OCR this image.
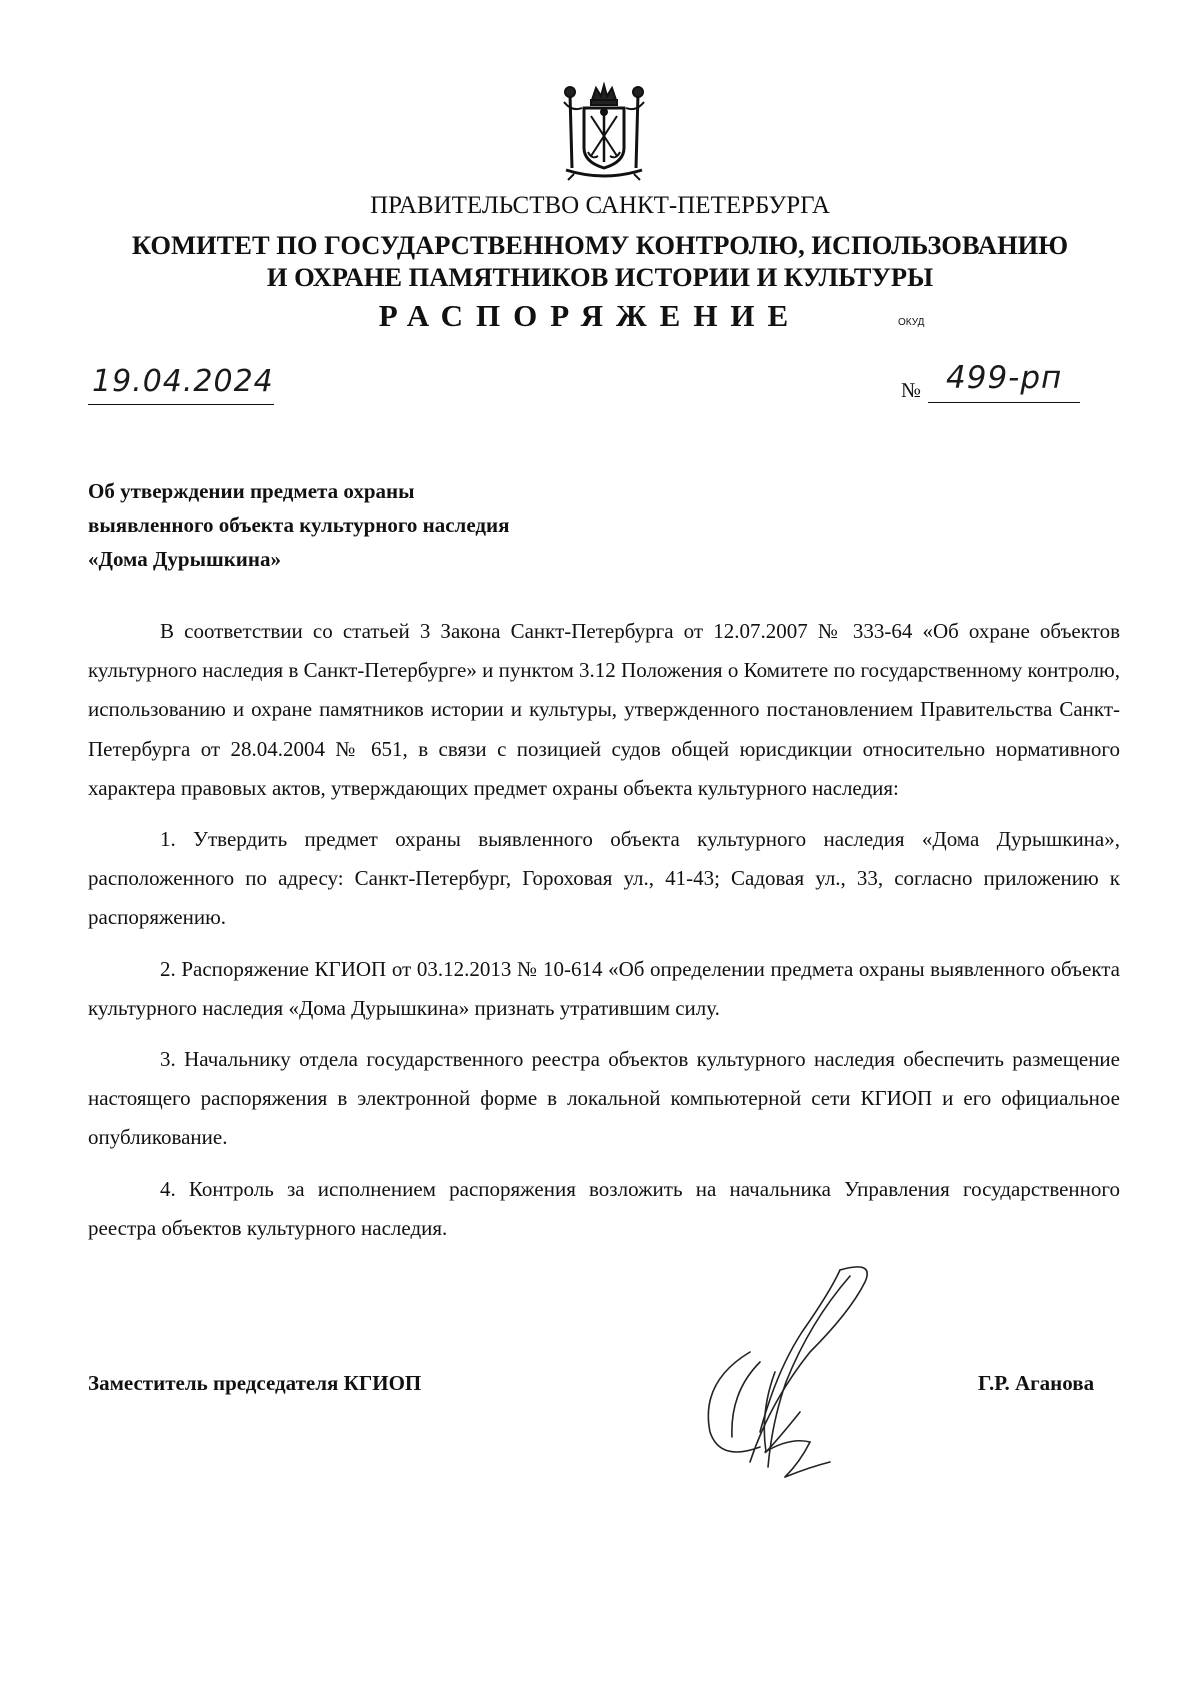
ПРАВИТЕЛЬСТВО САНКТ-ПЕТЕРБУРГА
КОМИТЕТ ПО ГОСУДАРСТВЕННОМУ КОНТРОЛЮ, ИСПОЛЬЗОВАНИЮ
И ОХРАНЕ ПАМЯТНИКОВ ИСТОРИИ И КУЛЬТУРЫ
РАСПОРЯЖЕНИЕ	ОКУД
19.04.2024	№ 499-рп
Об утверждении предмета охраны
выявленного объекта культурного наследия
«Дома Дурышкина»

В соответствии со статьей 3 Закона Санкт-Петербурга от 12.07.2007 № 333-64 «Об охране объектов культурного наследия в Санкт-Петербурге» и пунктом 3.12 Положения о Комитете по государственному контролю, использованию и охране памятников истории и культуры, утвержденного постановлением Правительства Санкт-Петербурга от 28.04.2004 № 651, в связи с позицией судов общей юрисдикции относительно нормативного характера правовых актов, утверждающих предмет охраны объекта культурного наследия:

1. Утвердить предмет охраны выявленного объекта культурного наследия «Дома Дурышкина», расположенного по адресу: Санкт-Петербург, Гороховая ул., 41-43; Садовая ул., 33, согласно приложению к распоряжению.

2. Распоряжение КГИОП от 03.12.2013 № 10-614 «Об определении предмета охраны выявленного объекта культурного наследия «Дома Дурышкина» признать утратившим силу.

3. Начальнику отдела государственного реестра объектов культурного наследия обеспечить размещение настоящего распоряжения в электронной форме в локальной компьютерной сети КГИОП и его официальное опубликование.

4. Контроль за исполнением распоряжения возложить на начальника Управления государственного реестра объектов культурного наследия.

Заместитель председателя КГИОП	Г.Р. Аганова
